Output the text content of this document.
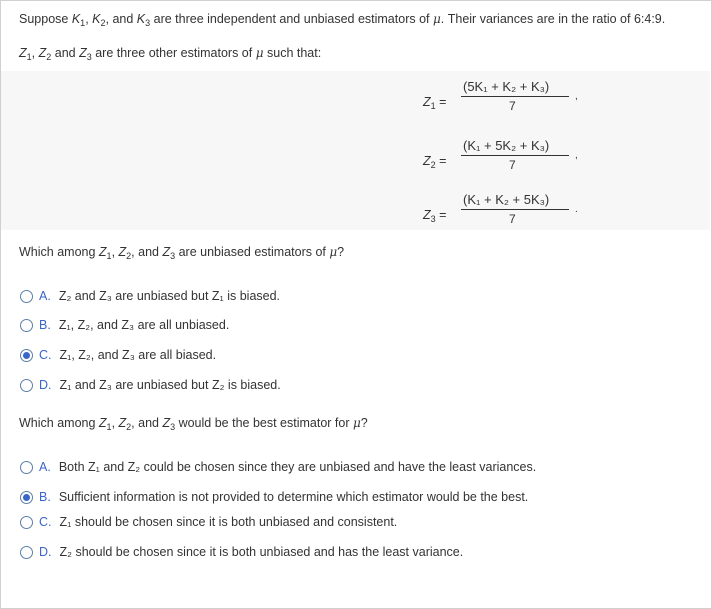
Suppose $K_1$, $K_2$, and $K_3$ are three independent and unbiased estimators of μ. Their variances are in the ratio of 6:4:9.
$Z_1$, $Z_2$ and $Z_3$ are three other estimators of μ such that:
$Z_1$ =
(5K₁ + K₂ + K₃)
7
,
$Z_2$ =
(K₁ + 5K₂ + K₃)
7
,
$Z_3$ =
(K₁ + K₂ + 5K₃)
7
.
Which among $Z_1$, $Z_2$, and $Z_3$ are unbiased estimators of μ?
A. Z₂ and Z₃ are unbiased but Z₁ is biased.
B. Z₁, Z₂, and Z₃ are all unbiased.
C. Z₁, Z₂, and Z₃ are all biased.
D. Z₁ and Z₃ are unbiased but Z₂ is biased.
Which among $Z_1$, $Z_2$, and $Z_3$ would be the best estimator for μ?
A. Both Z₁ and Z₂ could be chosen since they are unbiased and have the least variances.
B. Sufficient information is not provided to determine which estimator would be the best.
C. Z₁ should be chosen since it is both unbiased and consistent.
D. Z₂ should be chosen since it is both unbiased and has the least variance.
